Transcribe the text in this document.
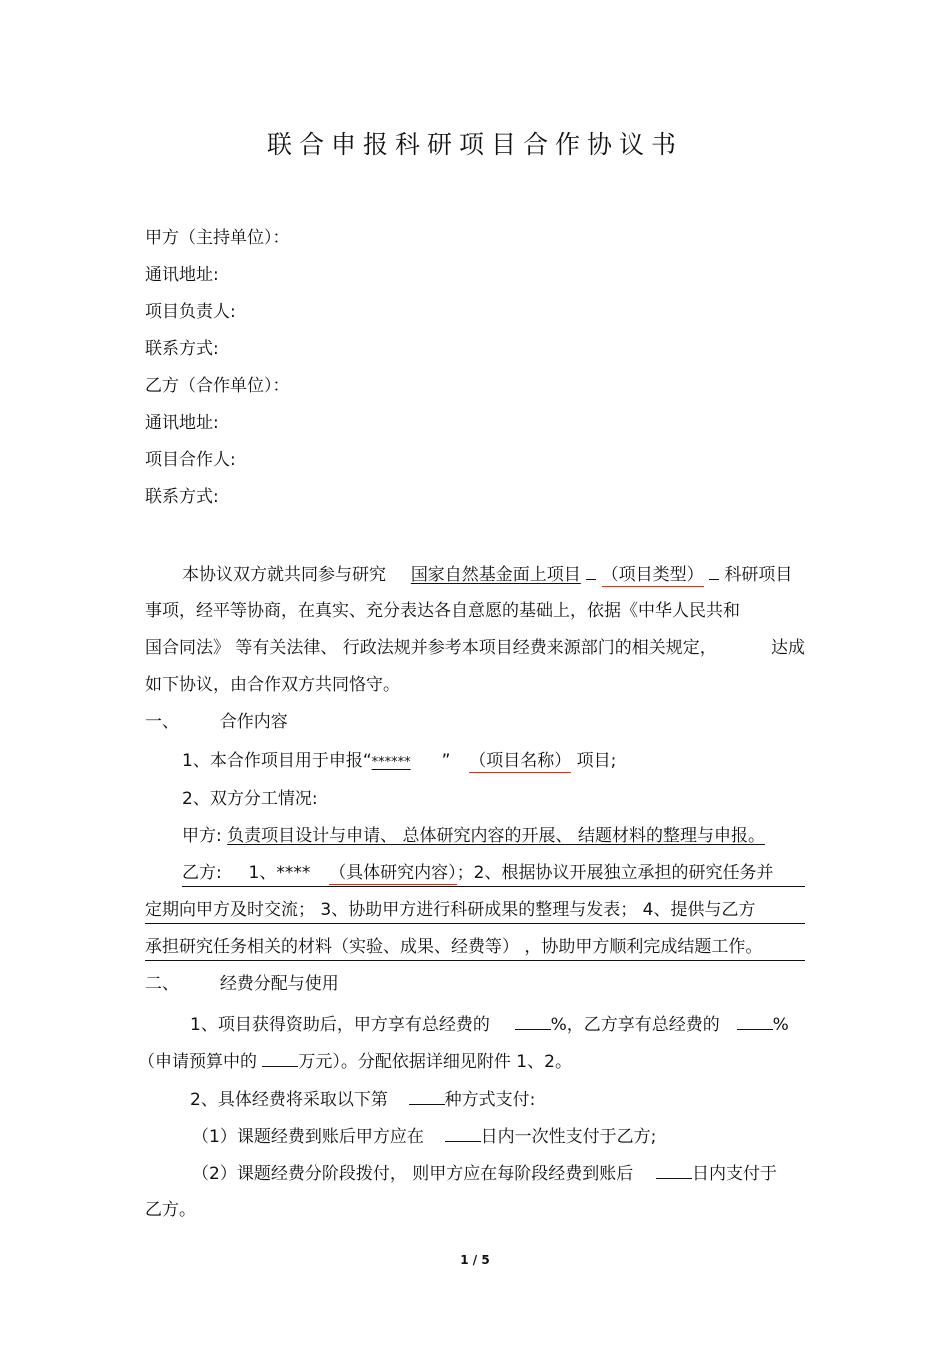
联合申报科研项目合作协议书
甲方（主持单位）：
通讯地址:
项目负责人:
联系方式:
乙方（合作单位）：
通讯地址:
项目合作人:
联系方式:
本协议双方就共同参与研究 国家自然基金面上项目 （项目类型） 科研项目
事项，经平等协商，在真实、充分表达各自意愿的基础上，依据《中华人民共和
国合同法》 等有关法律、 行政法规并参考本项目经费来源部门的相关规定，	达成
如下协议，由合作双方共同恪守。
一、 合作内容
1、本合作项目用于申报“******” （项目名称） 项目;
2、双方分工情况:
甲方: 负责项目设计与申请、 总体研究内容的开展、 结题材料的整理与申报。
乙方: 1、**** （具体研究内容）；2、根据协议开展独立承担的研究任务并
定期向甲方及时交流； 3、协助甲方进行科研成果的整理与发表； 4、提供与乙方
承担研究任务相关的材料（实验、成果、经费等） ，协助甲方顺利完成结题工作。
二、 经费分配与使用
1、项目获得资助后，甲方享有总经费的	%，乙方享有总经费的	%
（申请预算中的 万元）。分配依据详细见附件 1、2。
2、具体经费将采取以下第	种方式支付:
（1）课题经费到账后甲方应在	日内一次性支付于乙方;
（2）课题经费分阶段拨付， 则甲方应在每阶段经费到账后	日内支付于
乙方。
1 / 5
